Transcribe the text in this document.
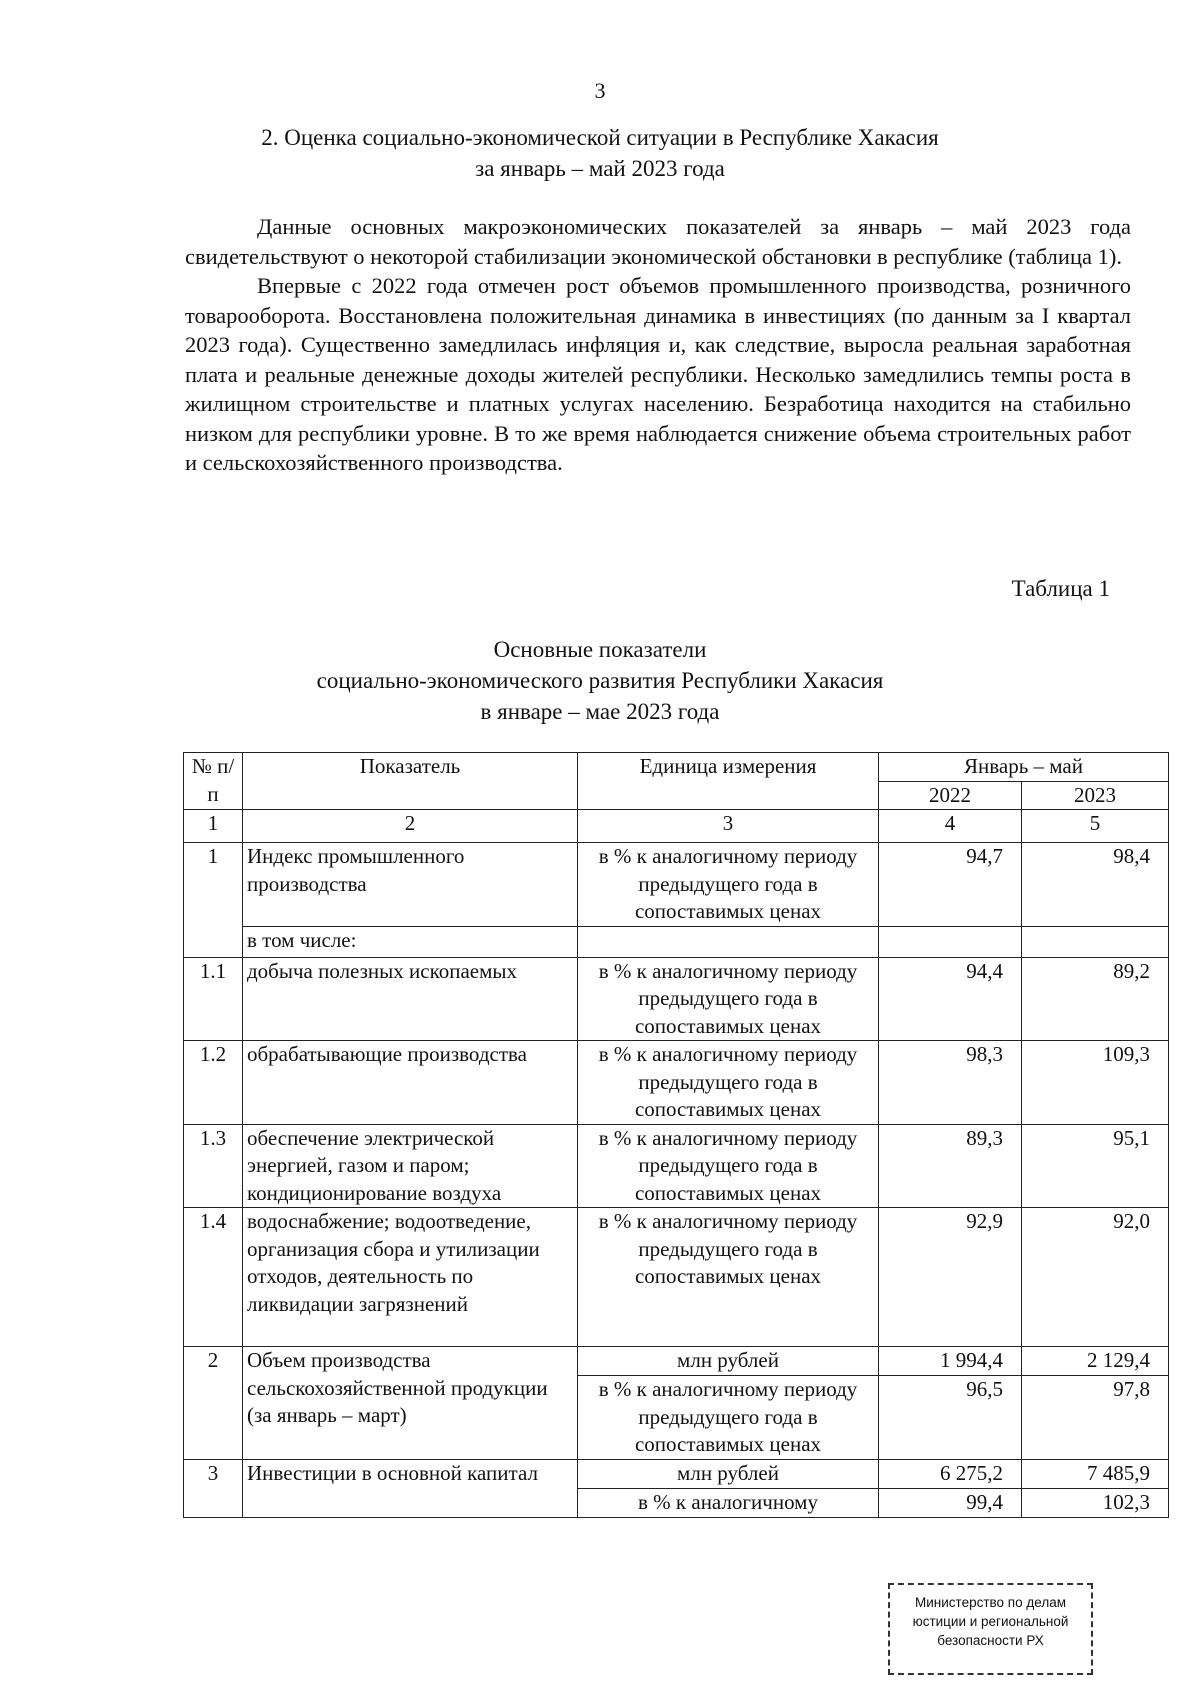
3
2. Оценка социально-экономической ситуации в Республике Хакасия
за январь – май 2023 года

Данные основных макроэкономических показателей за январь – май 2023 года свидетельствуют о некоторой стабилизации экономической обстановки в республике (таблица 1).

Впервые с 2022 года отмечен рост объемов промышленного производства, розничного товарооборота. Восстановлена положительная динамика в инвестициях (по данным за I квартал 2023 года). Существенно замедлилась инфляция и, как следствие, выросла реальная заработная плата и реальные денежные доходы жителей республики. Несколько замедлились темпы роста в жилищном строительстве и платных услугах населению. Безработица находится на стабильно низком для республики уровне. В то же время наблюдается снижение объема строительных работ и сельскохозяйственного производства.

Таблица 1
Основные показатели
социально-экономического развития Республики Хакасия
в январе – мае 2023 года
№ п/п	Показатель	Единица измерения	Январь – май	
			2022	2023
1	2	3	4	5
1	Индекс промышленного производства	в % к аналогичному периоду предыдущего года в сопоставимых ценах	94,7	98,4
	в том числе:			
1.1	добыча полезных ископаемых	в % к аналогичному периоду предыдущего года в сопоставимых ценах	94,4	89,2
1.2	обрабатывающие производства	в % к аналогичному периоду предыдущего года в сопоставимых ценах	98,3	109,3
1.3	обеспечение электрической энергией, газом и паром; кондиционирование воздуха	в % к аналогичному периоду предыдущего года в сопоставимых ценах	89,3	95,1
1.4	водоснабжение; водоотведение, организация сбора и утилизации отходов, деятельность по ликвидации загрязнений	в % к аналогичному периоду предыдущего года в сопоставимых ценах	92,9	92,0
2	Объем производства сельскохозяйственной продукции (за январь – март)	млн рублей	1 994,4	2 129,4
		в % к аналогичному периоду предыдущего года в сопоставимых ценах	96,5	97,8
3	Инвестиции в основной капитал	млн рублей	6 275,2	7 485,9
		в % к аналогичному	99,4	102,3
Министерство по делам
юстиции и региональной
безопасности РХ
